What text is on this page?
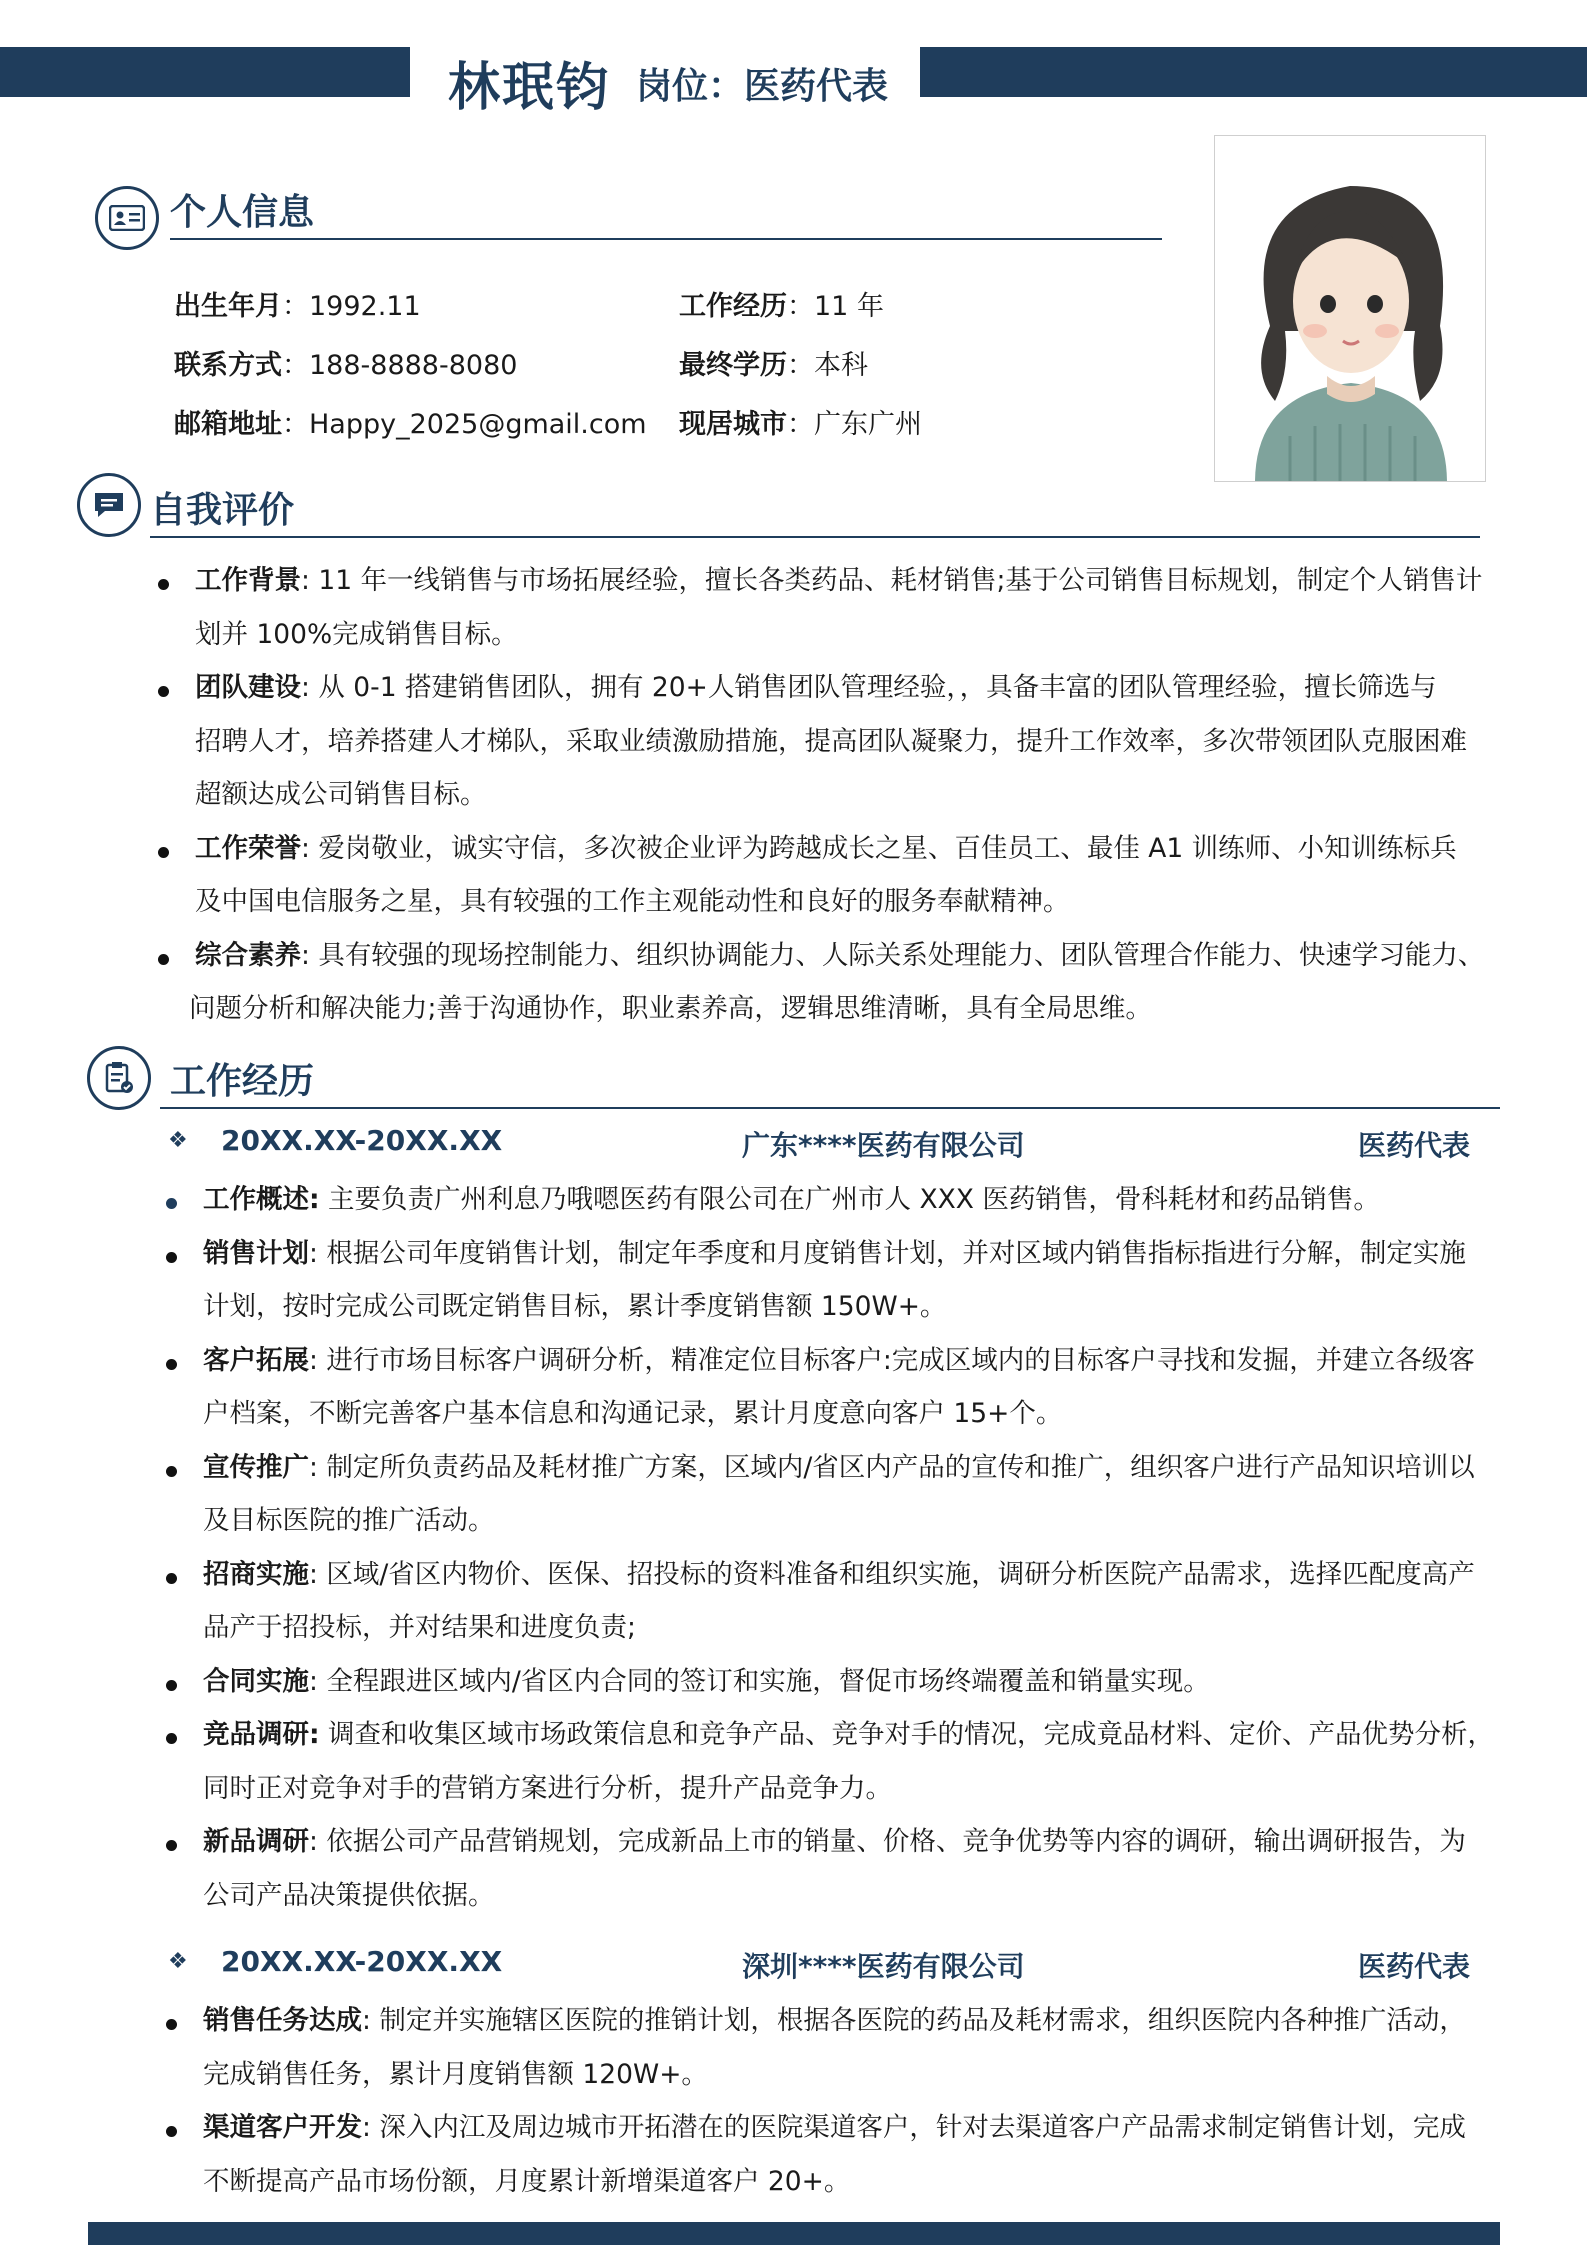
林珉钧 岗位：医药代表
个人信息
出生年月：1992.11	工作经历：11 年
联系方式：188-8888-8080	最终学历：本科
邮箱地址：Happy_2025@gmail.com 现居城市：广东广州
自我评价
工作背景: 11 年一线销售与市场拓展经验，擅长各类药品、耗材销售;基于公司销售目标规划，制定个人销售计
划并 100%完成销售目标。
团队建设: 从 0-1 搭建销售团队，拥有 20+人销售团队管理经验，，具备丰富的团队管理经验，擅长筛选与
招聘人才，培养搭建人才梯队，采取业绩激励措施，提高团队凝聚力，提升工作效率，多次带领团队克服困难
超额达成公司销售目标。
工作荣誉: 爱岗敬业，诚实守信，多次被企业评为跨越成长之星、百佳员工、最佳 A1 训练师、小知训练标兵
及中国电信服务之星，具有较强的工作主观能动性和良好的服务奉献精神。
综合素养: 具有较强的现场控制能力、组织协调能力、人际关系处理能力、团队管理合作能力、快速学习能力、
问题分析和解决能力;善于沟通协作，职业素养高，逻辑思维清晰，具有全局思维。
工作经历
❖ 20XX.XX-20XX.XX	广东****医药有限公司	医药代表
工作概述: 主要负责广州利息乃哦嗯医药有限公司在广州市人 XXX 医药销售，骨科耗材和药品销售。
销售计划: 根据公司年度销售计划，制定年季度和月度销售计划，并对区域内销售指标指进行分解，制定实施
计划，按时完成公司既定销售目标，累计季度销售额 150W+。
客户拓展: 进行市场目标客户调研分析，精准定位目标客户:完成区域内的目标客户寻找和发掘，并建立各级客
户档案，不断完善客户基本信息和沟通记录，累计月度意向客户 15+个。
宣传推广: 制定所负责药品及耗材推广方案，区域内/省区内产品的宣传和推广，组织客户进行产品知识培训以
及目标医院的推广活动。
招商实施: 区域/省区内物价、医保、招投标的资料准备和组织实施，调研分析医院产品需求，选择匹配度高产
品产于招投标，并对结果和进度负责;
合同实施: 全程跟进区域内/省区内合同的签订和实施，督促市场终端覆盖和销量实现。
竞品调研: 调查和收集区域市场政策信息和竞争产品、竞争对手的情况，完成竟品材料、定价、产品优势分析，
同时正对竞争对手的营销方案进行分析，提升产品竞争力。
新品调研: 依据公司产品营销规划，完成新品上市的销量、价格、竞争优势等内容的调研，输出调研报告，为
公司产品决策提供依据。
❖ 20XX.XX-20XX.XX	深圳****医药有限公司	医药代表
销售任务达成: 制定并实施辖区医院的推销计划，根据各医院的药品及耗材需求，组织医院内各种推广活动，
完成销售任务，累计月度销售额 120W+。
渠道客户开发: 深入内江及周边城市开拓潜在的医院渠道客户，针对去渠道客户产品需求制定销售计划，完成
不断提高产品市场份额，月度累计新增渠道客户 20+。
